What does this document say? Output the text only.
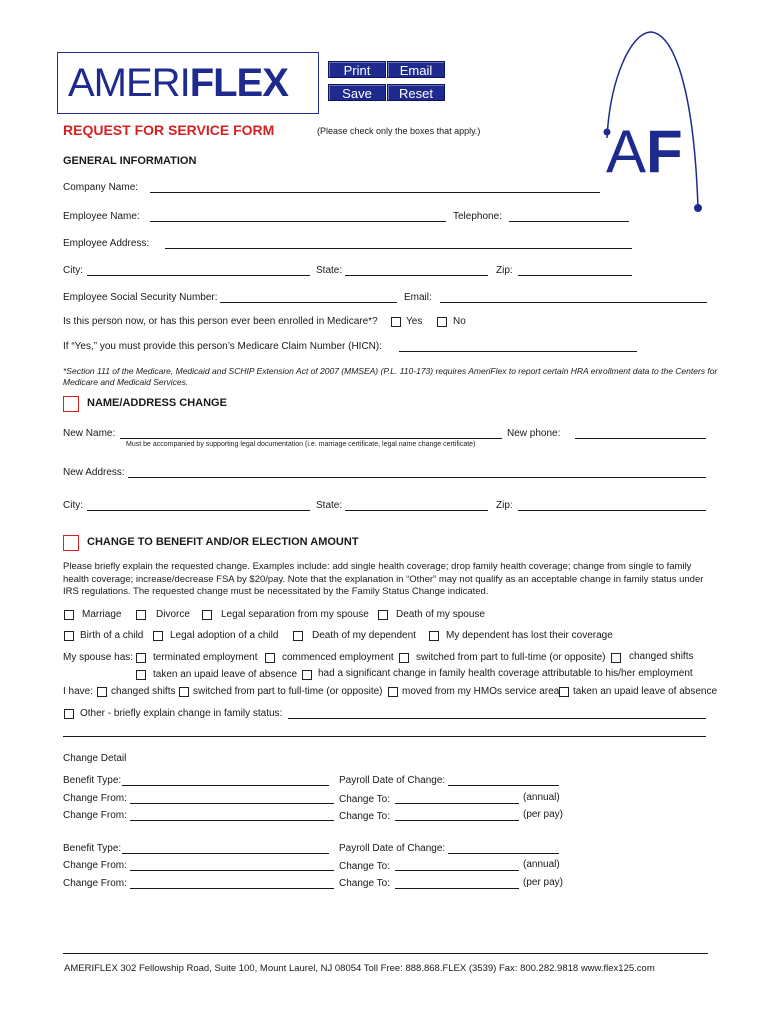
AMERIFLEX	Print	Email
Save	Reset
AF
REQUEST FOR SERVICE FORM	(Please check only the boxes that apply.)
GENERAL INFORMATION
Company Name:
Employee Name:	Telephone:
Employee Address:
City:	State:	Zip:
Employee Social Security Number:	Email:
Is this person now, or has this person ever been enrolled in Medicare*?	Yes	No
If “Yes,” you must provide this person’s Medicare Claim Number (HICN):
*Section 111 of the Medicare, Medicaid and SCHIP Extension Act of 2007 (MMSEA) (P.L. 110-173) requires AmeriFlex to report certain HRA enrollment data to the Centers for Medicare and Medicaid Services.
NAME/ADDRESS CHANGE
New Name:	New phone:
Must be accompanied by supporting legal documentation (i.e. marriage certificate, legal name change certificate)
New Address:
City:	State:	Zip:
CHANGE TO BENEFIT AND/OR ELECTION AMOUNT
Please briefly explain the requested change. Examples include: add single health coverage; drop family health coverage; change from single to family health coverage; increase/decrease FSA by $20/pay. Note that the explanation in “Other” may not qualify as an acceptable change in family status under IRS regulations. The requested change must be necessitated by the Family Status Change indicated.
Marriage	Divorce	Legal separation from my spouse	Death of my spouse
Birth of a child	Legal adoption of a child	Death of my dependent	My dependent has lost their coverage
My spouse has: terminated employment commenced employment switched from part to full-time (or opposite) changed shifts
taken an upaid leave of absence had a significant change in family health coverage attributable to his/her employment
I have: changed shifts switched from part to full-time (or opposite) moved from my HMOs service area taken an upaid leave of absence
Other - briefly explain change in family status:
Change Detail
Benefit Type:	Payroll Date of Change:
Change From:	Change To:	(annual)
Change From:	Change To:	(per pay)
Benefit Type:	Payroll Date of Change:
Change From:	Change To:	(annual)
Change From:	Change To:	(per pay)
AMERIFLEX 302 Fellowship Road, Suite 100, Mount Laurel, NJ 08054 Toll Free: 888.868.FLEX (3539) Fax: 800.282.9818 www.flex125.com
